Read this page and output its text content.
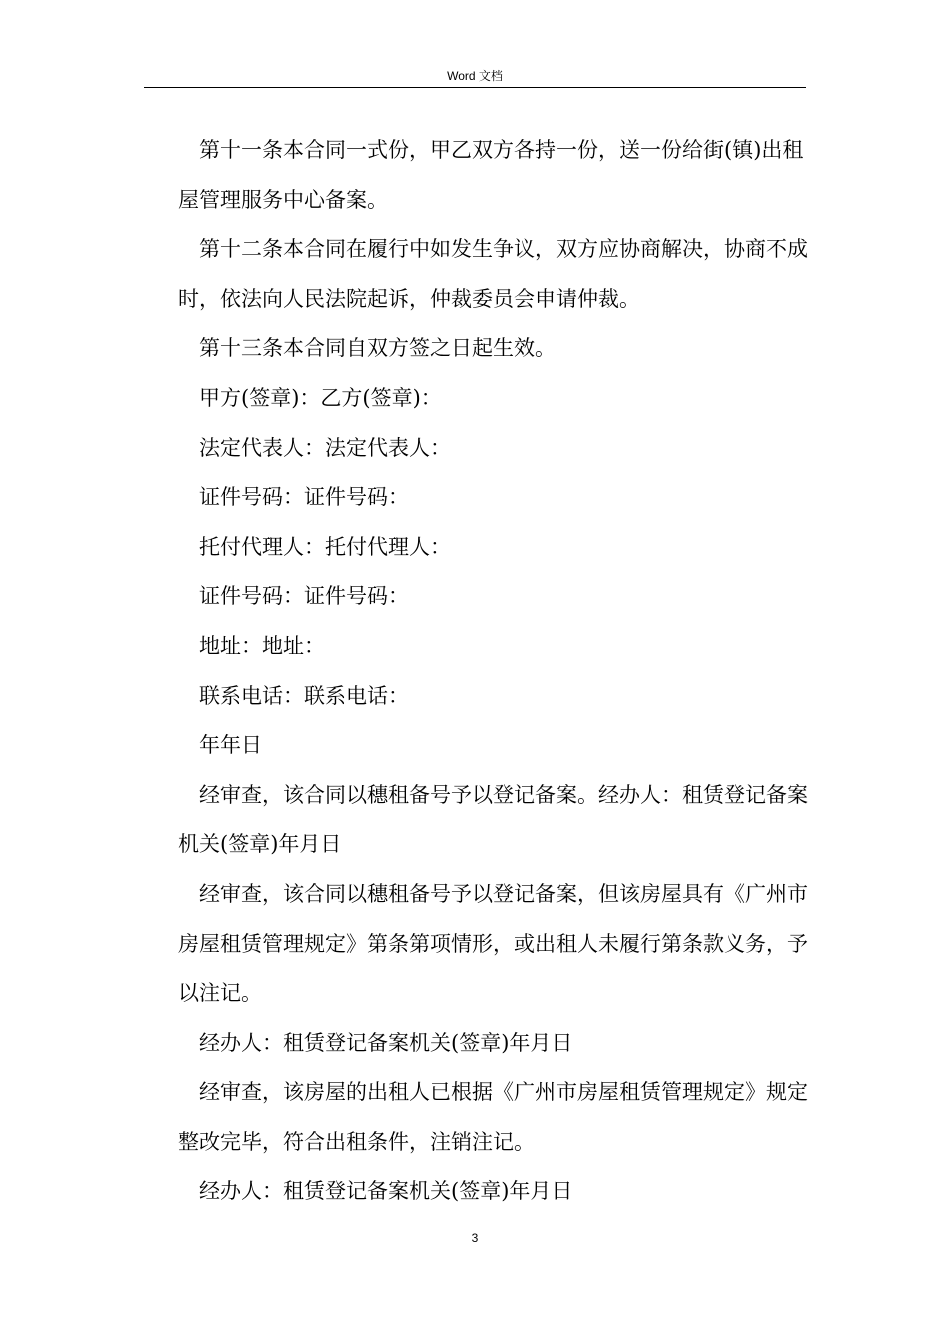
Word 文档

第十一条本合同一式份，甲乙双方各持一份，送一份给街(镇)出租屋管理服务中心备案。

第十二条本合同在履行中如发生争议，双方应协商解决，协商不成时，依法向人民法院起诉，仲裁委员会申请仲裁。

第十三条本合同自双方签之日起生效。

甲方(签章)：乙方(签章)：

法定代表人：法定代表人：

证件号码：证件号码：

托付代理人：托付代理人：

证件号码：证件号码：

地址：地址：

联系电话：联系电话：

年年日

经审查，该合同以穗租备号予以登记备案。经办人：租赁登记备案机关(签章)年月日

经审查，该合同以穗租备号予以登记备案，但该房屋具有《广州市房屋租赁管理规定》第条第项情形，或出租人未履行第条款义务，予以注记。

经办人：租赁登记备案机关(签章)年月日

经审查，该房屋的出租人已根据《广州市房屋租赁管理规定》规定整改完毕，符合出租条件，注销注记。

经办人：租赁登记备案机关(签章)年月日

3
